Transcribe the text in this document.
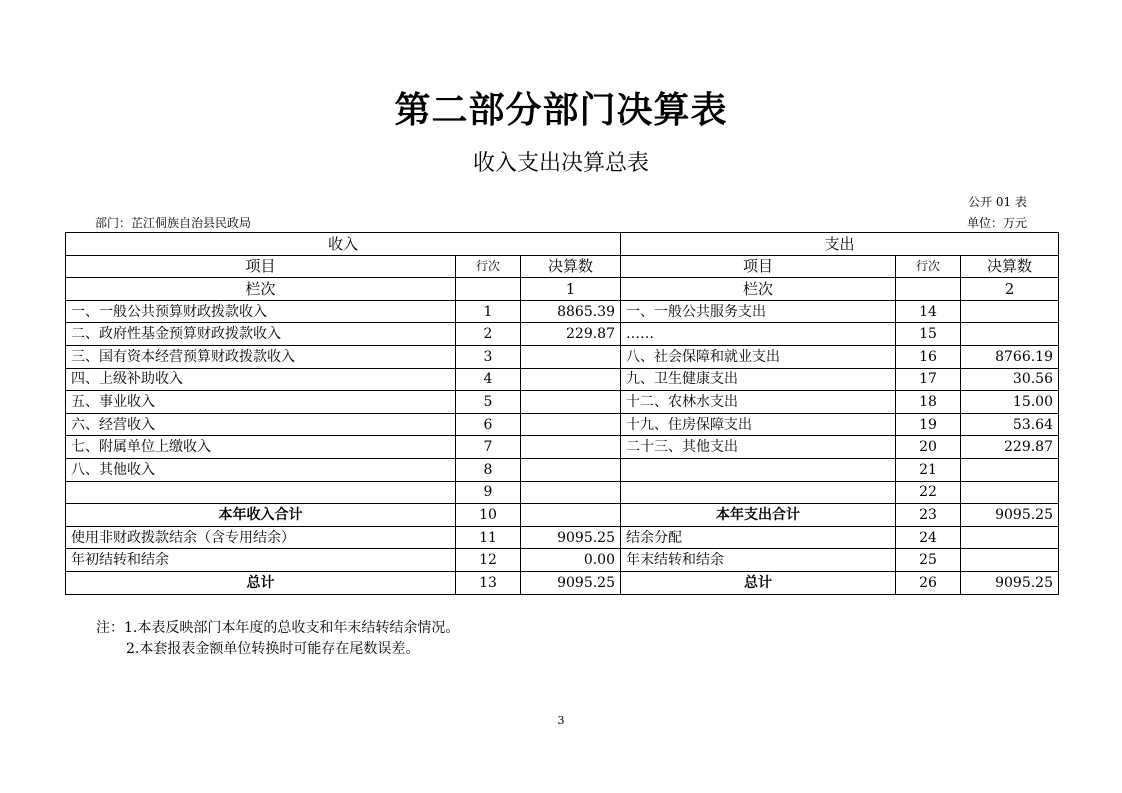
第二部分部门决算表
收入支出决算总表
公开 01 表
部门：芷江侗族自治县民政局	单位：万元
收入			支出		
项目	行次	决算数	项目	行次	决算数
栏次		1	栏次		2
一、一般公共预算财政拨款收入	1	8865.39	一、一般公共服务支出	14	
二、政府性基金预算财政拨款收入	2	229.87	……	15	
三、国有资本经营预算财政拨款收入	3		八、社会保障和就业支出	16	8766.19
四、上级补助收入	4		九、卫生健康支出	17	30.56
五、事业收入	5		十二、农林水支出	18	15.00
六、经营收入	6		十九、住房保障支出	19	53.64
七、附属单位上缴收入	7		二十三、其他支出	20	229.87
八、其他收入	8			21	
	9			22	
本年收入合计	10		本年支出合计	23	9095.25
使用非财政拨款结余（含专用结余）	11	9095.25	结余分配	24	
年初结转和结余	12	0.00	年末结转和结余	25	
总计	13	9095.25	总计	26	9095.25
注：1.本表反映部门本年度的总收支和年末结转结余情况。
2.本套报表金额单位转换时可能存在尾数误差。
3
